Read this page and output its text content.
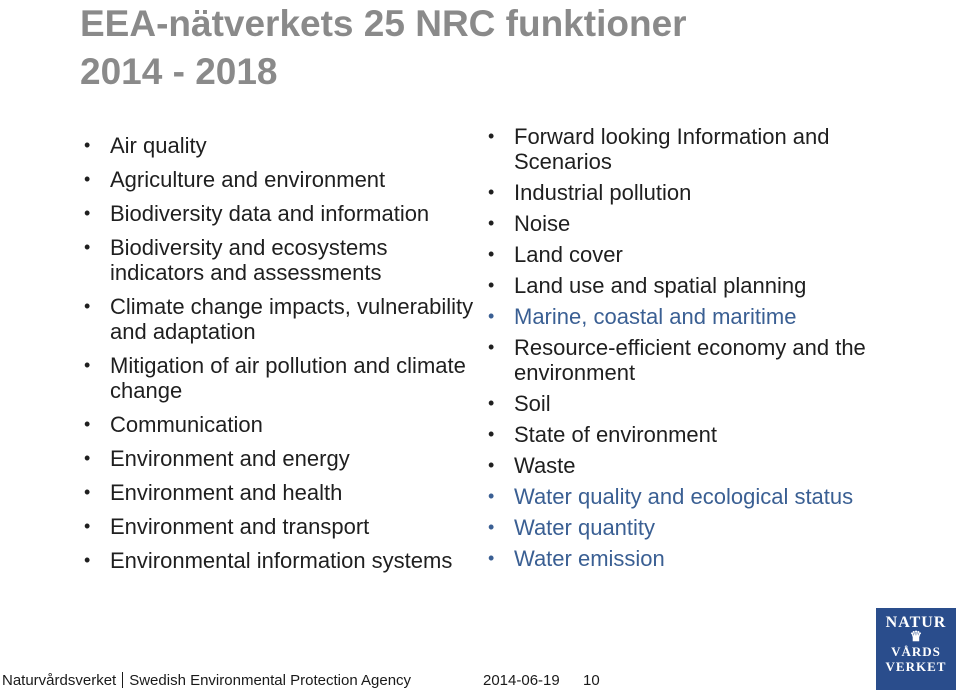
EEA-nätverkets 25 NRC funktioner
2014 - 2018
• Air quality
• Agriculture and environment
• Biodiversity data and information
• Biodiversity and ecosystems indicators and assessments
• Climate change impacts, vulnerability and adaptation
• Mitigation of air pollution and climate change
• Communication
• Environment and energy
• Environment and health
• Environment and transport
• Environmental information systems
• Forward looking Information and Scenarios
• Industrial pollution
• Noise
• Land cover
• Land use and spatial planning
• Marine, coastal and maritime
• Resource-efficient economy and the environment
• Soil
• State of environment
• Waste
• Water quality and ecological status
• Water quantity
• Water emission
Naturvårdsverket Swedish Environmental Protection Agency	2014-06-19 10
NATUR
♛
VÅRDS
VERKET
